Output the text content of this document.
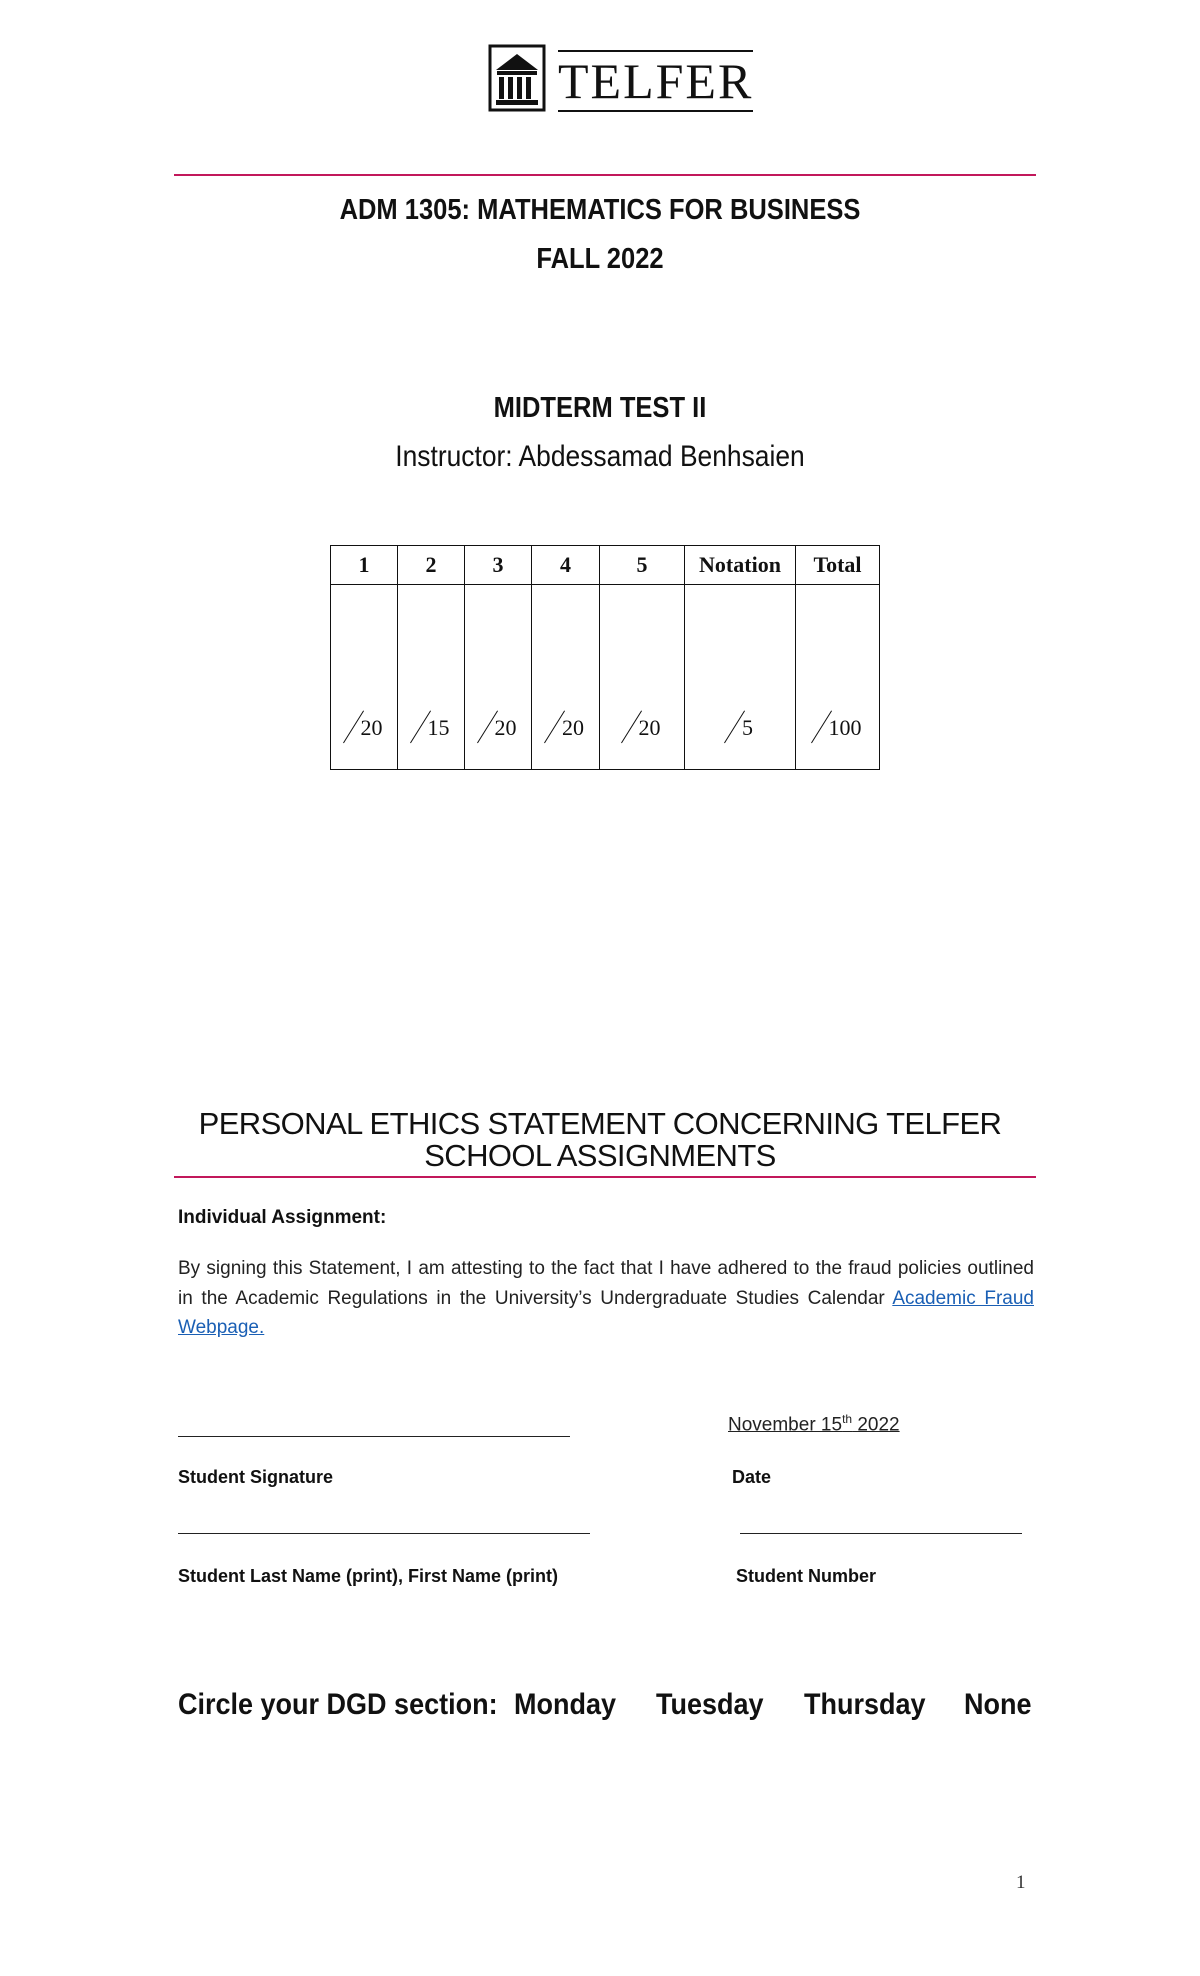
TELFER
ADM 1305: MATHEMATICS FOR BUSINESS
FALL 2022
MIDTERM TEST II
Instructor: Abdessamad Benhsaien
1	2	3	4	5	Notation	Total

20	15	20	20	20	5	100
PERSONAL ETHICS STATEMENT CONCERNING TELFER
SCHOOL ASSIGNMENTS
Individual Assignment:
By signing this Statement, I am attesting to the fact that I have adhered to the fraud policies outlined in the Academic Regulations in the University’s Undergraduate Studies Calendar Academic Fraud Webpage.
November 15th 2022
Student Signature	Date
Student Last Name (print), First Name (print)	Student Number
Circle your DGD section: Monday Tuesday Thursday None
1
